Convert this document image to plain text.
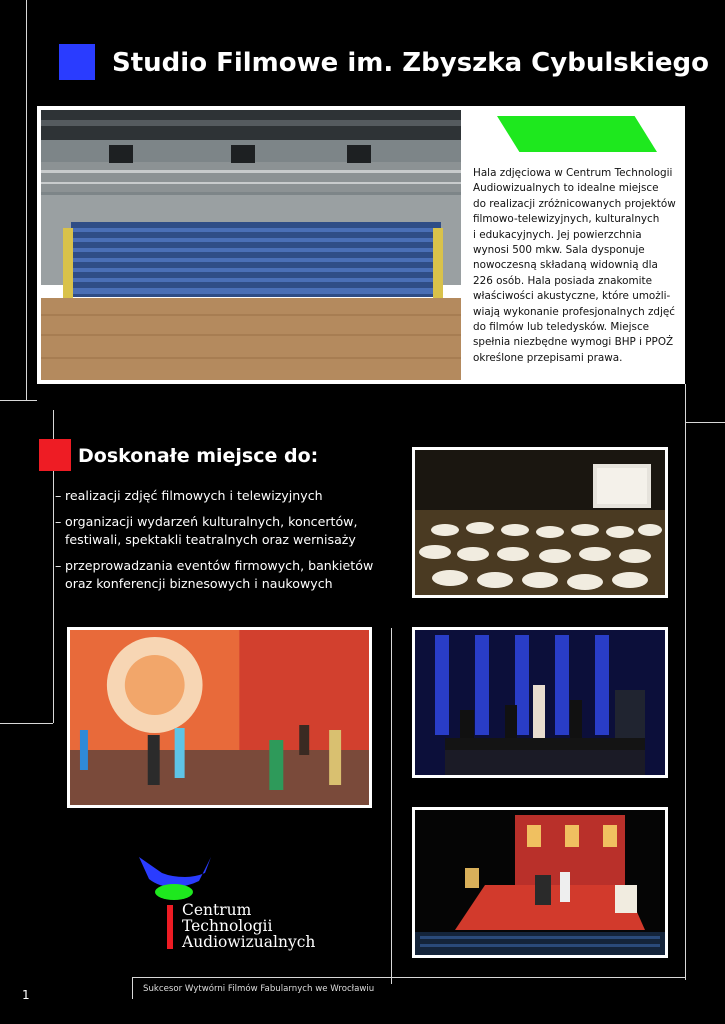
Studio Filmowe im. Zbyszka Cybulskiego
Hala zdjęciowa w Centrum Technologii
Audiowizualnych to idealne miejsce
do realizacji zróżnicowanych projektów
filmowo-telewizyjnych, kulturalnych
i edukacyjnych. Jej powierzchnia
wynosi 500 mkw. Sala dysponuje
nowoczesną składaną widownią dla
226 osób. Hala posiada znakomite
właściwości akustyczne, które umożli-
wiają wykonanie profesjonalnych zdjęć
do filmów lub teledysków. Miejsce
spełnia niezbędne wymogi BHP i PPOŻ
określone przepisami prawa.
Doskonałe miejsce do:
– realizacji zdjęć filmowych i telewizyjnych
– organizacji wydarzeń kulturalnych, koncertów,
festiwali, spektakli teatralnych oraz wernisaży
– przeprowadzania eventów firmowych, bankietów
oraz konferencji biznesowych i naukowych
Centrum
Technologii
Audiowizualnych
Sukcesor Wytwórni Filmów Fabularnych we Wrocławiu
1
